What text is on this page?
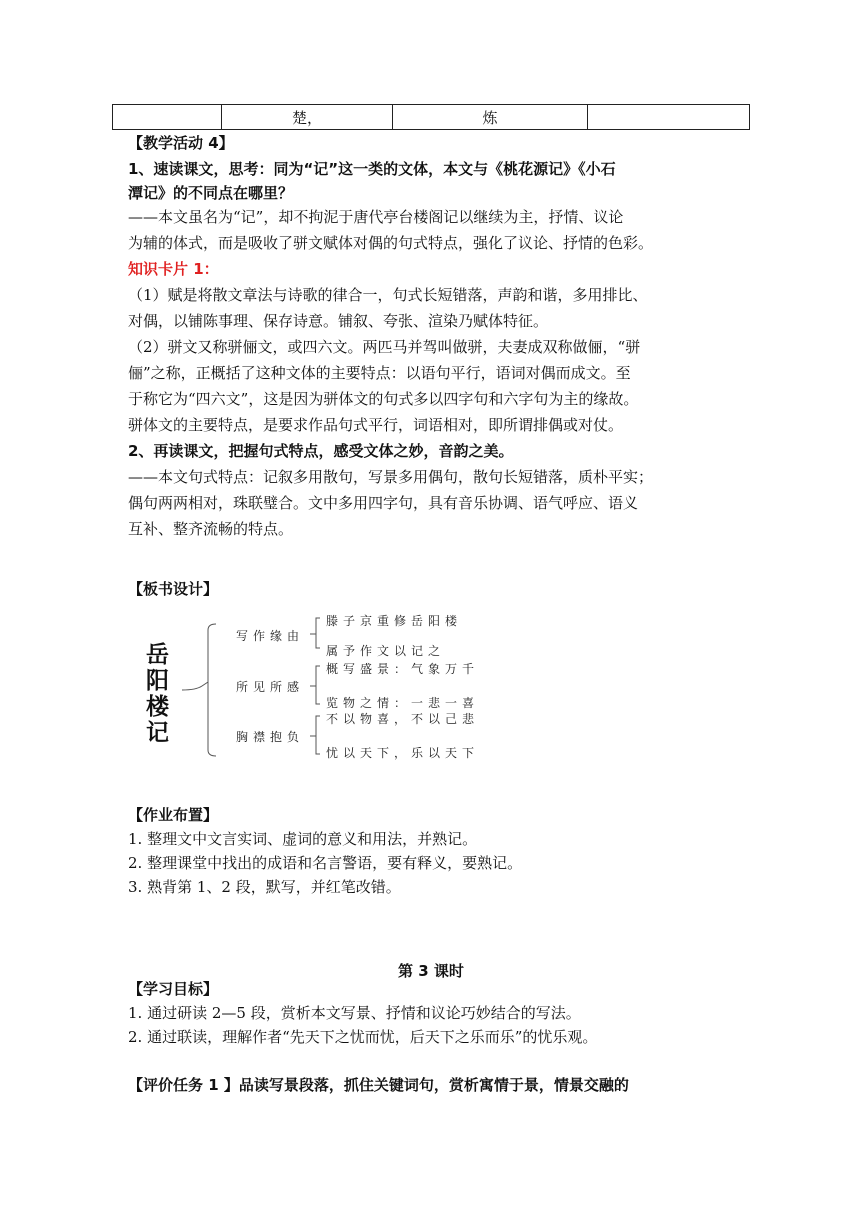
	楚，	炼	
【教学活动 4】
1、速读课文，思考：同为“记”这一类的文体，本文与《桃花源记》《小石
潭记》的不同点在哪里？
——本文虽名为“记”，却不拘泥于唐代亭台楼阁记以继续为主，抒情、议论
为辅的体式，而是吸收了骈文赋体对偶的句式特点，强化了议论、抒情的色彩。
知识卡片 1：
（1）赋是将散文章法与诗歌的律合一，句式长短错落，声韵和谐，多用排比、
对偶，以铺陈事理、保存诗意。铺叙、夸张、渲染乃赋体特征。
（2）骈文又称骈俪文，或四六文。两匹马并驾叫做骈，夫妻成双称做俪，“骈
俪”之称，正概括了这种文体的主要特点：以语句平行，语词对偶而成文。至
于称它为“四六文”，这是因为骈体文的句式多以四字句和六字句为主的缘故。
骈体文的主要特点，是要求作品句式平行，词语相对，即所谓排偶或对仗。
2、再读课文，把握句式特点，感受文体之妙，音韵之美。
——本文句式特点：记叙多用散句，写景多用偶句，散句长短错落，质朴平实；
偶句两两相对，珠联璧合。文中多用四字句，具有音乐协调、语气呼应、语义
互补、整齐流畅的特点。
【板书设计】
岳
阳
楼
记
写作缘由
滕子京重修岳阳楼
属予作文以记之
所见所感
概写盛景：气象万千
览物之情：一悲一喜
胸襟抱负
不以物喜，不以己悲
忧以天下，乐以天下
【作业布置】
1. 整理文中文言实词、虚词的意义和用法，并熟记。
2. 整理课堂中找出的成语和名言警语，要有释义，要熟记。
3. 熟背第 1、2 段，默写，并红笔改错。
第 3 课时
【学习目标】
1. 通过研读 2—5 段，赏析本文写景、抒情和议论巧妙结合的写法。
2. 通过联读，理解作者“先天下之忧而忧，后天下之乐而乐”的忧乐观。
【评价任务 1 】品读写景段落，抓住关键词句，赏析寓情于景，情景交融的
